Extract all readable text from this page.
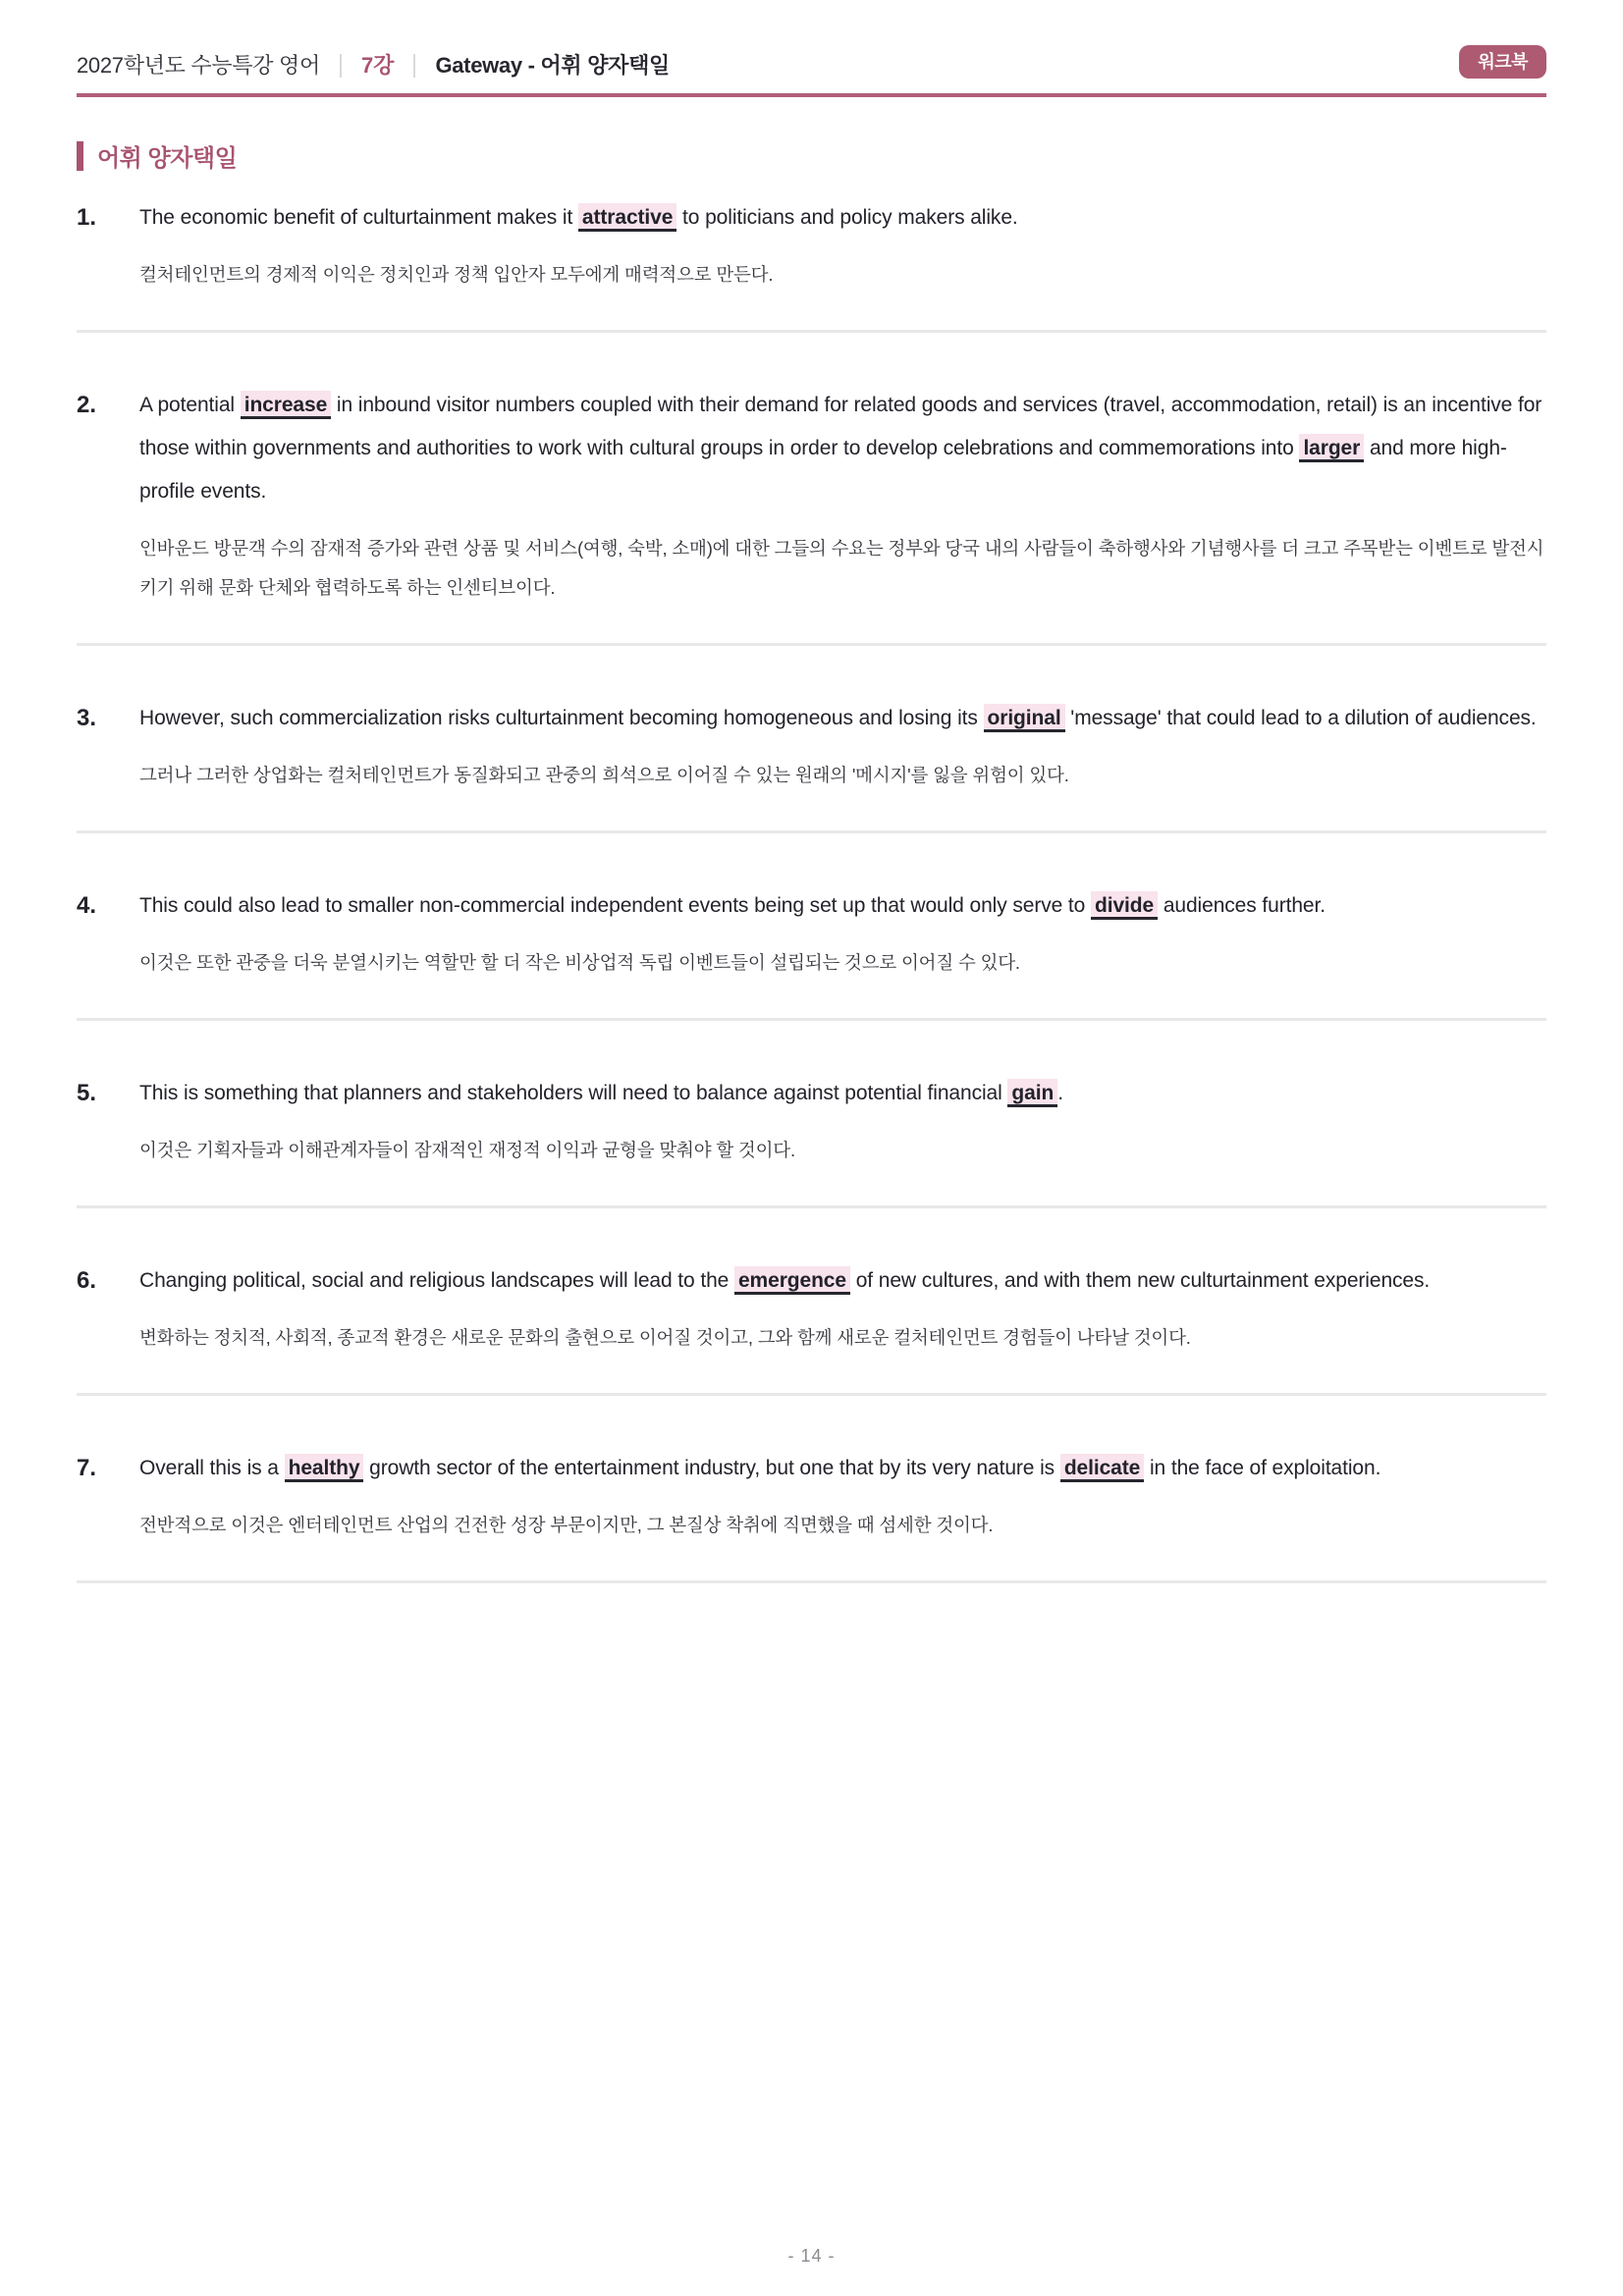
2027학년도 수능특강 영어 7강 Gateway - 어휘 양자택일	워크북
어휘 양자택일
1.	The economic benefit of culturtainment makes it attractive to politicians and policy makers alike.

컬처테인먼트의 경제적 이익은 정치인과 정책 입안자 모두에게 매력적으로 만든다.

2.	A potential increase in inbound visitor numbers coupled with their demand for related goods and services (travel, accommodation, retail) is an incentive for those within governments and authorities to work with cultural groups in order to develop celebrations and commemorations into larger and more high-profile events.

인바운드 방문객 수의 잠재적 증가와 관련 상품 및 서비스(여행, 숙박, 소매)에 대한 그들의 수요는 정부와 당국 내의 사람들이 축하행사와 기념행사를 더 크고 주목받는 이벤트로 발전시키기 위해 문화 단체와 협력하도록 하는 인센티브이다.

3.	However, such commercialization risks culturtainment becoming homogeneous and losing its original 'message' that could lead to a dilution of audiences.

그러나 그러한 상업화는 컬처테인먼트가 동질화되고 관중의 희석으로 이어질 수 있는 원래의 '메시지'를 잃을 위험이 있다.

4.	This could also lead to smaller non-commercial independent events being set up that would only serve to divide audiences further.

이것은 또한 관중을 더욱 분열시키는 역할만 할 더 작은 비상업적 독립 이벤트들이 설립되는 것으로 이어질 수 있다.

5.	This is something that planners and stakeholders will need to balance against potential financial gain .

이것은 기획자들과 이해관계자들이 잠재적인 재정적 이익과 균형을 맞춰야 할 것이다.

6.	Changing political, social and religious landscapes will lead to the emergence of new cultures, and with them new culturtainment experiences.

변화하는 정치적, 사회적, 종교적 환경은 새로운 문화의 출현으로 이어질 것이고, 그와 함께 새로운 컬처테인먼트 경험들이 나타날 것이다.

7.	Overall this is a healthy growth sector of the entertainment industry, but one that by its very nature is delicate in the face of exploitation.

전반적으로 이것은 엔터테인먼트 산업의 건전한 성장 부문이지만, 그 본질상 착취에 직면했을 때 섬세한 것이다.

- 14 -
